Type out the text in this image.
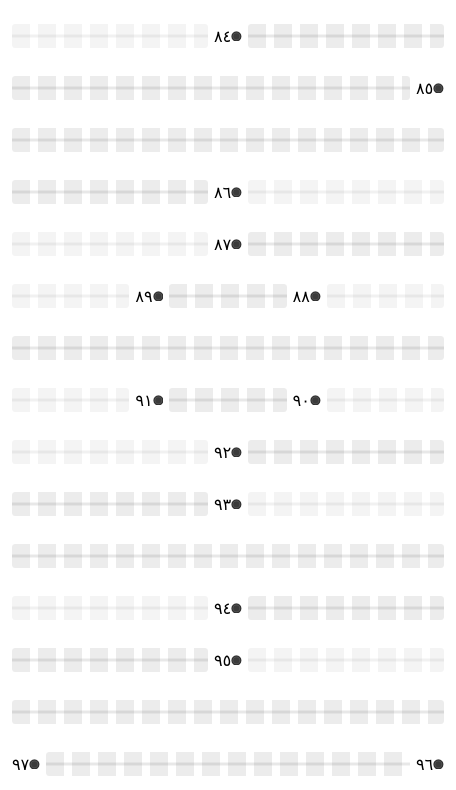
٨٤
٨٥
٨٦
٨٧
٨٨
٨٩
٩٠
٩١
٩٢
٩٣
٩٤
٩٥
٩٦
٩٧
